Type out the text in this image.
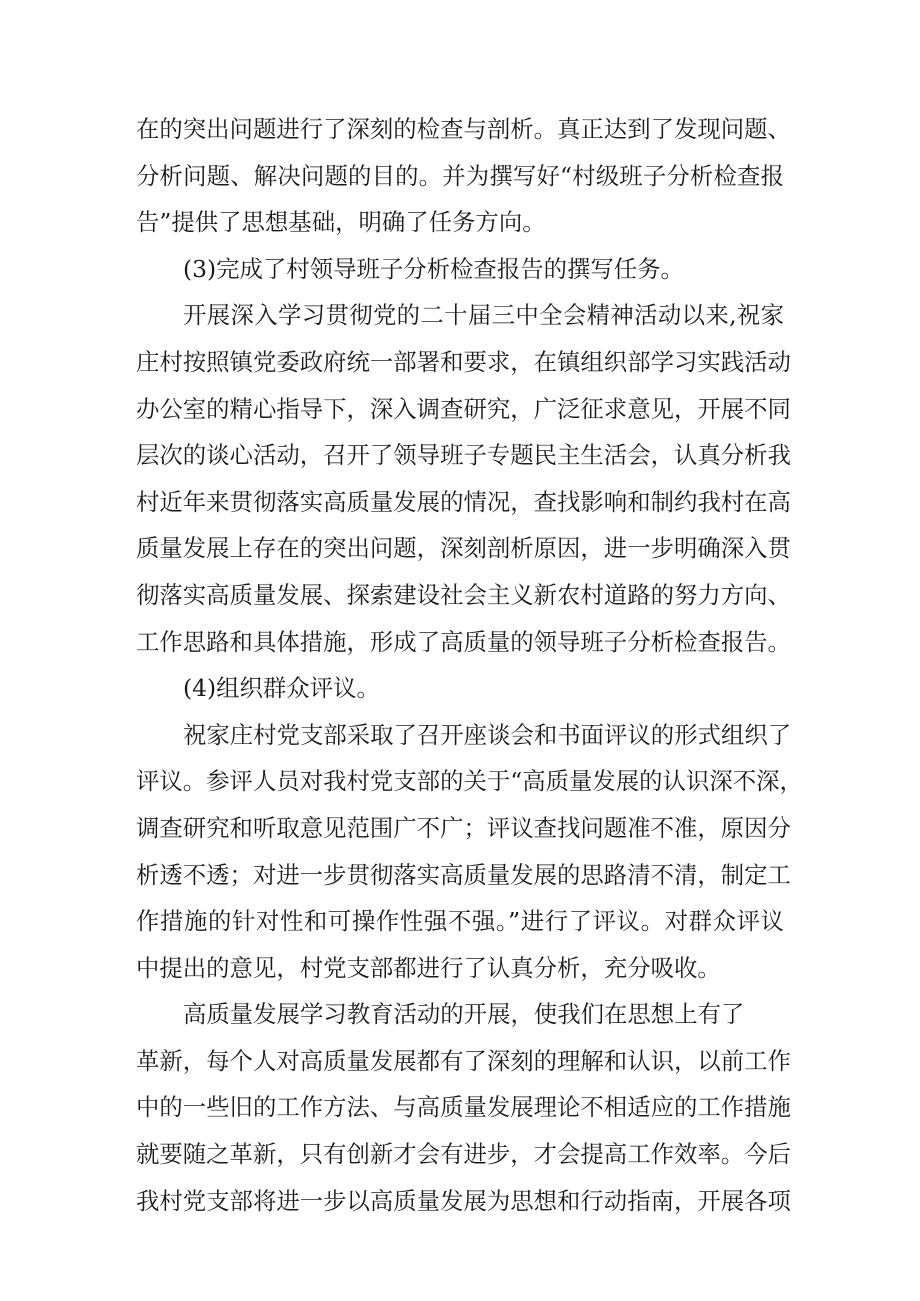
在的突出问题进行了深刻的检查与剖析。真正达到了发现问题、
分析问题、解决问题的目的。并为撰写好“村级班子分析检查报
告”提供了思想基础，明确了任务方向。
(3)完成了村领导班子分析检查报告的撰写任务。
开展深入学习贯彻党的二十届三中全会精神活动以来,祝家
庄村按照镇党委政府统一部署和要求，在镇组织部学习实践活动
办公室的精心指导下，深入调查研究，广泛征求意见，开展不同
层次的谈心活动，召开了领导班子专题民主生活会，认真分析我
村近年来贯彻落实高质量发展的情况，查找影响和制约我村在高
质量发展上存在的突出问题，深刻剖析原因，进一步明确深入贯
彻落实高质量发展、探索建设社会主义新农村道路的努力方向、
工作思路和具体措施，形成了高质量的领导班子分析检查报告。
(4)组织群众评议。
祝家庄村党支部采取了召开座谈会和书面评议的形式组织了
评议。参评人员对我村党支部的关于“高质量发展的认识深不深，
调查研究和听取意见范围广不广；评议查找问题准不准，原因分
析透不透；对进一步贯彻落实高质量发展的思路清不清，制定工
作措施的针对性和可操作性强不强。”进行了评议。对群众评议
中提出的意见，村党支部都进行了认真分析，充分吸收。
高质量发展学习教育活动的开展，使我们在思想上有了
革新，每个人对高质量发展都有了深刻的理解和认识，以前工作
中的一些旧的工作方法、与高质量发展理论不相适应的工作措施
就要随之革新，只有创新才会有进步，才会提高工作效率。今后
我村党支部将进一步以高质量发展为思想和行动指南，开展各项
